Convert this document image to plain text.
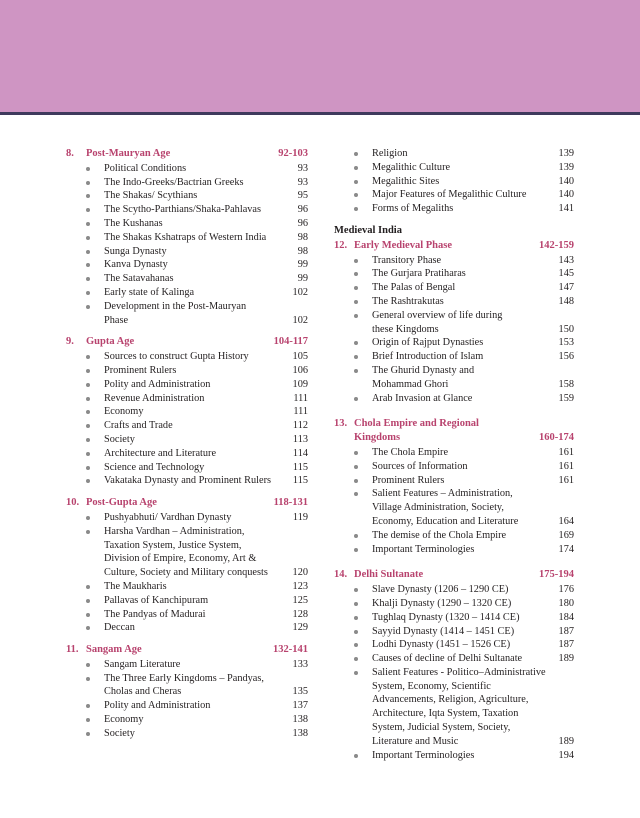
8.	Post-Mauryan Age	92-103
Political Conditions	93
The Indo-Greeks/Bactrian Greeks	93
The Shakas/ Scythians	95
The Scytho-Parthians/Shaka-Pahlavas	96
The Kushanas	96
The Shakas Kshatraps of Western India	98
Sunga Dynasty	98
Kanva Dynasty	99
The Satavahanas	99
Early state of Kalinga	102
Development in the Post-Mauryan
Phase	102
9.	Gupta Age	104-117
Sources to construct Gupta History	105
Prominent Rulers	106
Polity and Administration	109
Revenue Administration	111
Economy	111
Crafts and Trade	112
Society	113
Architecture and Literature	114
Science and Technology	115
Vakataka Dynasty and Prominent Rulers	115
10. Post-Gupta Age	118-131
Pushyabhuti/ Vardhan Dynasty	119
Harsha Vardhan – Administration,
Taxation System, Justice System,
Division of Empire, Economy, Art &
Culture, Society and Military conquests	120
The Maukharis	123
Pallavas of Kanchipuram	125
The Pandyas of Madurai	128
Deccan	129
11. Sangam Age	132-141
Sangam Literature	133
The Three Early Kingdoms – Pandyas,
Cholas and Cheras	135
Polity and Administration	137
Economy	138
Society	138
Religion	139
Megalithic Culture	139
Megalithic Sites	140
Major Features of Megalithic Culture	140
Forms of Megaliths	141
Medieval India
12. Early Medieval Phase	142-159
Transitory Phase	143
The Gurjara Pratiharas	145
The Palas of Bengal	147
The Rashtrakutas	148
General overview of life during
these Kingdoms	150
Origin of Rajput Dynasties	153
Brief Introduction of Islam	156
The Ghurid Dynasty and
Mohammad Ghori	158
Arab Invasion at Glance	159
13. Chola Empire and Regional
Kingdoms	160-174
The Chola Empire	161
Sources of Information	161
Prominent Rulers	161
Salient Features – Administration,
Village Administration, Society,
Economy, Education and Literature	164
The demise of the Chola Empire	169
Important Terminologies	174
14. Delhi Sultanate	175-194
Slave Dynasty (1206 – 1290 CE)	176
Khalji Dynasty (1290 – 1320 CE)	180
Tughlaq Dynasty (1320 – 1414 CE)	184
Sayyid Dynasty (1414 – 1451 CE)	187
Lodhi Dynasty (1451 – 1526 CE)	187
Causes of decline of Delhi Sultanate	189
Salient Features - Politico–Administrative
System, Economy, Scientific
Advancements, Religion, Agriculture,
Architecture, Iqta System, Taxation
System, Judicial System, Society,
Literature and Music	189
Important Terminologies	194
